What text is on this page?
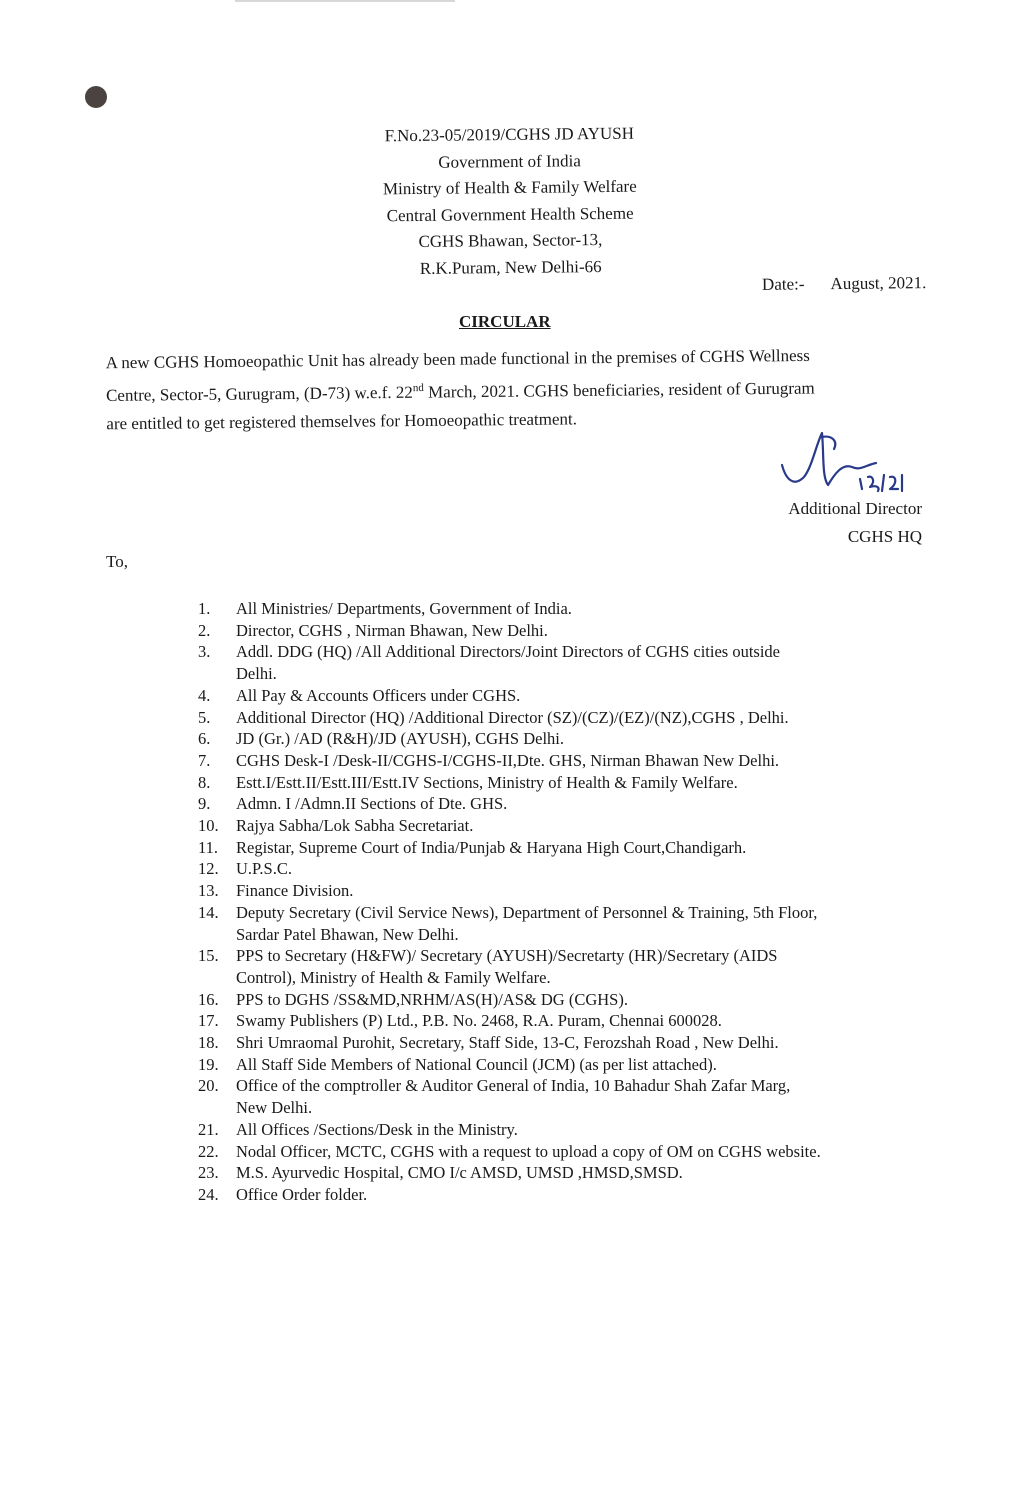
F.No.23-05/2019/CGHS JD AYUSH
Government of India
Ministry of Health & Family Welfare
Central Government Health Scheme
CGHS Bhawan, Sector-13,
R.K.Puram, New Delhi-66
Date:- August, 2021.
CIRCULAR
A new CGHS Homoeopathic Unit has already been made functional in the premises of CGHS Wellness
Centre, Sector-5, Gurugram, (D-73) w.e.f. 22nd March, 2021. CGHS beneficiaries, resident of Gurugram
are entitled to get registered themselves for Homoeopathic treatment.
Additional Director
CGHS HQ
To,
1.	All Ministries/ Departments, Government of India.
2.	Director, CGHS , Nirman Bhawan, New Delhi.
3.	Addl. DDG (HQ) /All Additional Directors/Joint Directors of CGHS cities outside
Delhi.
4.	All Pay & Accounts Officers under CGHS.
5.	Additional Director (HQ) /Additional Director (SZ)/(CZ)/(EZ)/(NZ),CGHS , Delhi.
6.	JD (Gr.) /AD (R&H)/JD (AYUSH), CGHS Delhi.
7.	CGHS Desk-I /Desk-II/CGHS-I/CGHS-II,Dte. GHS, Nirman Bhawan New Delhi.
8.	Estt.I/Estt.II/Estt.III/Estt.IV Sections, Ministry of Health & Family Welfare.
9.	Admn. I /Admn.II Sections of Dte. GHS.
10.	Rajya Sabha/Lok Sabha Secretariat.
11.	Registar, Supreme Court of India/Punjab & Haryana High Court,Chandigarh.
12.	U.P.S.C.
13.	Finance Division.
14.	Deputy Secretary (Civil Service News), Department of Personnel & Training, 5th Floor,
Sardar Patel Bhawan, New Delhi.
15.	PPS to Secretary (H&FW)/ Secretary (AYUSH)/Secretarty (HR)/Secretary (AIDS
Control), Ministry of Health & Family Welfare.
16.	PPS to DGHS /SS&MD,NRHM/AS(H)/AS& DG (CGHS).
17.	Swamy Publishers (P) Ltd., P.B. No. 2468, R.A. Puram, Chennai 600028.
18.	Shri Umraomal Purohit, Secretary, Staff Side, 13-C, Ferozshah Road , New Delhi.
19.	All Staff Side Members of National Council (JCM) (as per list attached).
20.	Office of the comptroller & Auditor General of India, 10 Bahadur Shah Zafar Marg,
New Delhi.
21.	All Offices /Sections/Desk in the Ministry.
22.	Nodal Officer, MCTC, CGHS with a request to upload a copy of OM on CGHS website.
23.	M.S. Ayurvedic Hospital, CMO I/c AMSD, UMSD ,HMSD,SMSD.
24.	Office Order folder.
